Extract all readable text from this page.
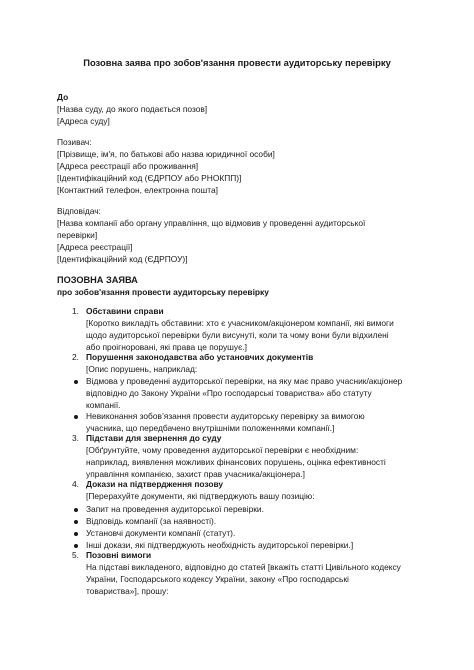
Позовна заява про зобов'язання провести аудиторську перевірку
До
[Назва суду, до якого подається позов]
[Адреса суду]
Позивач:
[Прізвище, ім'я, по батькові або назва юридичної особи]
[Адреса реєстрації або проживання]
[Ідентифікаційний код (ЄДРПОУ або РНОКПП)]
[Контактний телефон, електронна пошта]
Відповідач:
[Назва компанії або органу управління, що відмовив у проведенні аудиторської
перевірки]
[Адреса реєстрації]
[Ідентифікаційний код (ЄДРПОУ)]
ПОЗОВНА ЗАЯВА
про зобов'язання провести аудиторську перевірку
1. Обставини справи
[Коротко викладіть обставини: хто є учасником/акціонером компанії, які вимоги
щодо аудиторської перевірки були висунуті, коли та чому вони були відхилені
або проігноровані, які права це порушує.]
2. Порушення законодавства або установчих документів
[Опис порушень, наприклад:
Відмова у проведенні аудиторської перевірки, на яку має право учасник/акціонер
відповідно до Закону України «Про господарські товариства» або статуту
компанії.
Невиконання зобов’язання провести аудиторську перевірку за вимогою
учасника, що передбачено внутрішніми положеннями компанії.]
3. Підстави для звернення до суду
[Обґрунтуйте, чому проведення аудиторської перевірки є необхідним:
наприклад, виявлення можливих фінансових порушень, оцінка ефективності
управління компанією, захист прав учасника/акціонера.]
4. Докази на підтвердження позову
[Перерахуйте документи, які підтверджують вашу позицію:
Запит на проведення аудиторської перевірки.
Відповідь компанії (за наявності).
Установчі документи компанії (статут).
Інші докази, які підтверджують необхідність аудиторської перевірки.]
5. Позовні вимоги
На підставі викладеного, відповідно до статей [вкажіть статті Цивільного кодексу
України, Господарського кодексу України, закону «Про господарські
товариства»], прошу:
